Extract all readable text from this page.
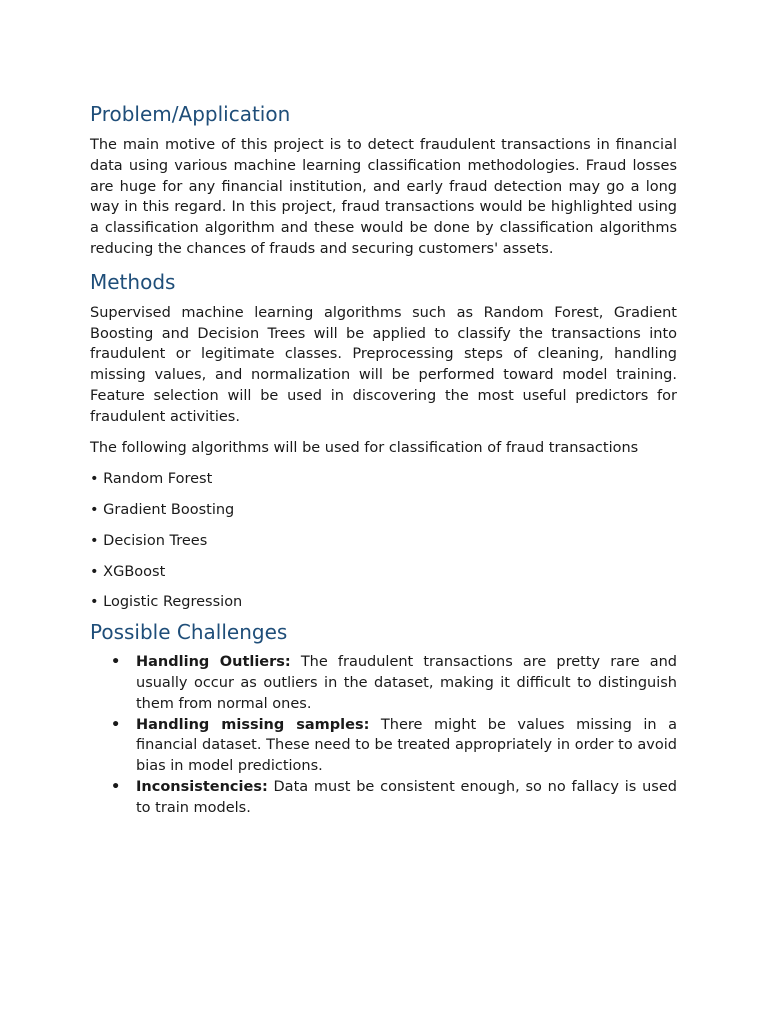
Problem/Application

The main motive of this project is to detect fraudulent transactions in financial data using various machine learning classification methodologies. Fraud losses are huge for any financial institution, and early fraud detection may go a long way in this regard. In this project, fraud transactions would be highlighted using a classification algorithm and these would be done by classification algorithms reducing the chances of frauds and securing customers' assets.

Methods

Supervised machine learning algorithms such as Random Forest, Gradient Boosting and Decision Trees will be applied to classify the transactions into fraudulent or legitimate classes. Preprocessing steps of cleaning, handling missing values, and normalization will be performed toward model training. Feature selection will be used in discovering the most useful predictors for fraudulent activities.

The following algorithms will be used for classification of fraud transactions

• Random Forest
• Gradient Boosting
• Decision Trees
• XGBoost
• Logistic Regression
Possible Challenges
• Handling Outliers: The fraudulent transactions are pretty rare and usually occur as outliers in the dataset, making it difficult to distinguish them from normal ones.
• Handling missing samples: There might be values missing in a financial dataset. These need to be treated appropriately in order to avoid bias in model predictions.
• Inconsistencies: Data must be consistent enough, so no fallacy is used to train models.
